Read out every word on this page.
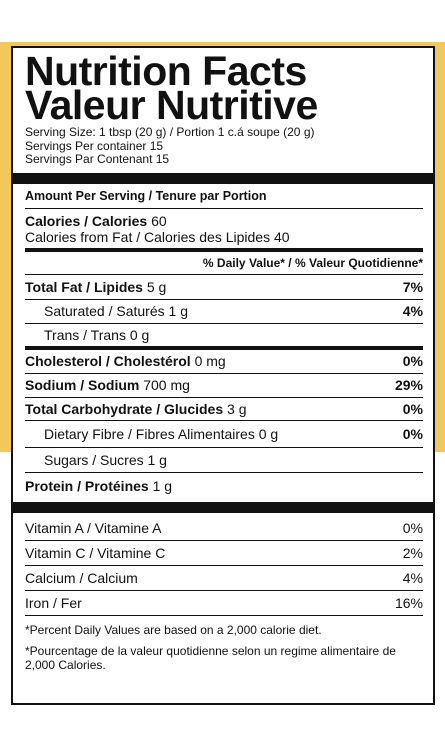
Nutrition Facts
Valeur Nutritive
Serving Size: 1 tbsp (20 g) / Portion 1 c.á soupe (20 g)
Servings Per container 15
Servings Par Contenant 15
Amount Per Serving / Tenure par Portion
Calories / Calories 60
Calories from Fat / Calories des Lipides 40
% Daily Value* / % Valeur Quotidienne*
Total Fat / Lipides 5 g	7%
Saturated / Saturés 1 g	4%
Trans / Trans 0 g
Cholesterol / Cholestérol 0 mg	0%
Sodium / Sodium 700 mg	29%
Total Carbohydrate / Glucides 3 g	0%
Dietary Fibre / Fibres Alimentaires 0 g	0%
Sugars / Sucres 1 g
Protein / Protéines 1 g
Vitamin A / Vitamine A	0%
Vitamin C / Vitamine C	2%
Calcium / Calcium	4%
Iron / Fer	16%
*Percent Daily Values are based on a 2,000 calorie diet.
*Pourcentage de la valeur quotidienne selon un regime alimentaire de 2,000 Calories.
